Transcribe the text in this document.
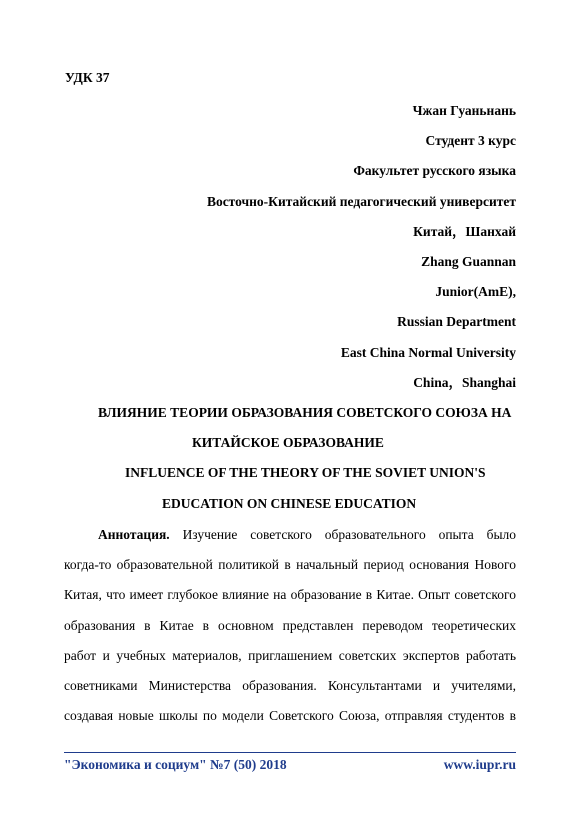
УДК 37
Чжан Гуаньнань
Студент 3 курс
Факультет русского языка
Восточно-Китайский педагогический университет
Китай，Шанхай
Zhang Guannan
Junior(AmE),
Russian Department
East China Normal University
China，Shanghai
ВЛИЯНИЕ ТЕОРИИ ОБРАЗОВАНИЯ СОВЕТСКОГО СОЮЗА НА
КИТАЙСКОЕ ОБРАЗОВАНИЕ
INFLUENCE OF THE THEORY OF THE SOVIET UNION'S
EDUCATION ON CHINESE EDUCATION
Аннотация. Изучение советского образовательного опыта было
когда-то образовательной политикой в начальный период основания Нового
Китая, что имеет глубокое влияние на образование в Китае. Опыт советского
образования в Китае в основном представлен переводом теоретических
работ и учебных материалов, приглашением советских экспертов работать
советниками Министерства образования. Консультантами и учителями,
создавая новые школы по модели Советского Союза, отправляя студентов в
"Экономика и социум" №7 (50) 2018	www.iupr.ru
